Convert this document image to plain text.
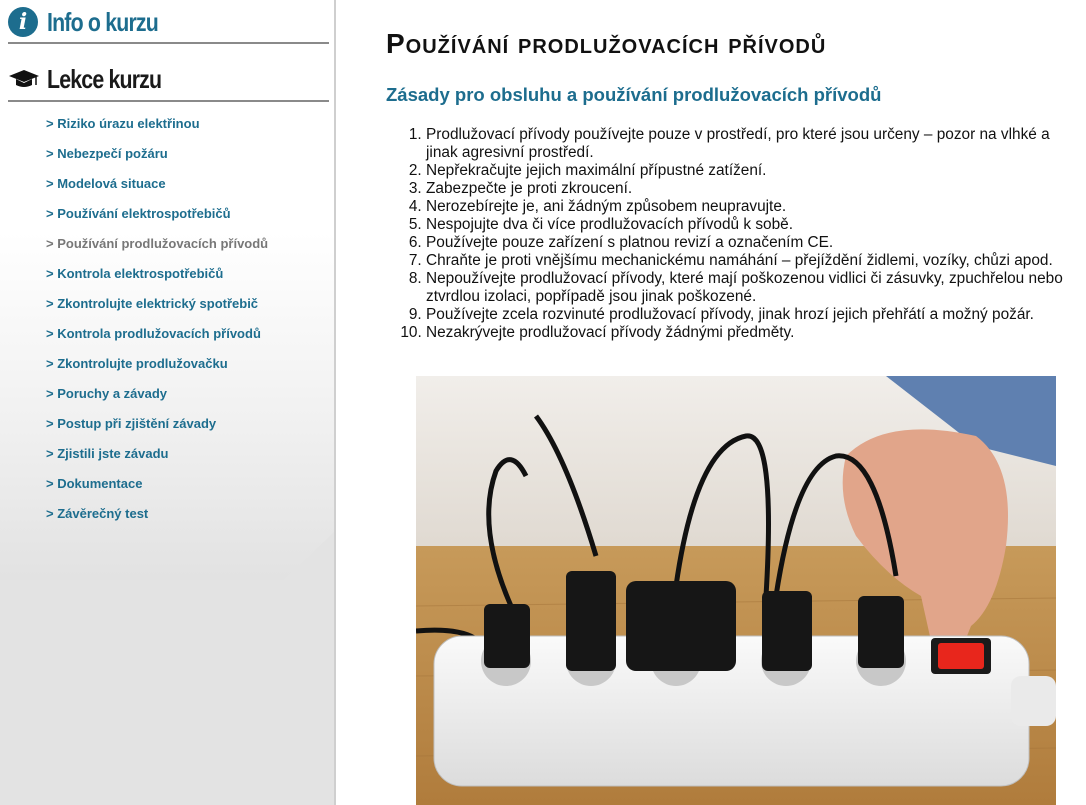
i Info o kurzu
Lekce kurzu
> Riziko úrazu elektřinou
> Nebezpečí požáru
> Modelová situace
> Používání elektrospotřebičů
> Používání prodlužovacích přívodů
> Kontrola elektrospotřebičů
> Zkontrolujte elektrický spotřebič
> Kontrola prodlužovacích přívodů
> Zkontrolujte prodlužovačku
> Poruchy a závady
> Postup při zjištění závady
> Zjistili jste závadu
> Dokumentace
> Závěrečný test
Používání prodlužovacích přívodů
Zásady pro obsluhu a používání prodlužovacích přívodů
1. Prodlužovací přívody používejte pouze v prostředí, pro které jsou určeny – pozor na vlhké a jinak agresivní prostředí.
2. Nepřekračujte jejich maximální přípustné zatížení.
3. Zabezpečte je proti zkroucení.
4. Nerozebírejte je, ani žádným způsobem neupravujte.
5. Nespojujte dva či více prodlužovacích přívodů k sobě.
6. Používejte pouze zařízení s platnou revizí a označením CE.
7. Chraňte je proti vnějšímu mechanickému namáhání – přejíždění židlemi, vozíky, chůzi apod.
8. Nepoužívejte prodlužovací přívody, které mají poškozenou vidlici či zásuvky, zpuchřelou nebo ztvrdlou izolaci, popřípadě jsou jinak poškozené.
9. Používejte zcela rozvinuté prodlužovací přívody, jinak hrozí jejich přehřátí a možný požár.
10. Nezakrývejte prodlužovací přívody žádnými předměty.
